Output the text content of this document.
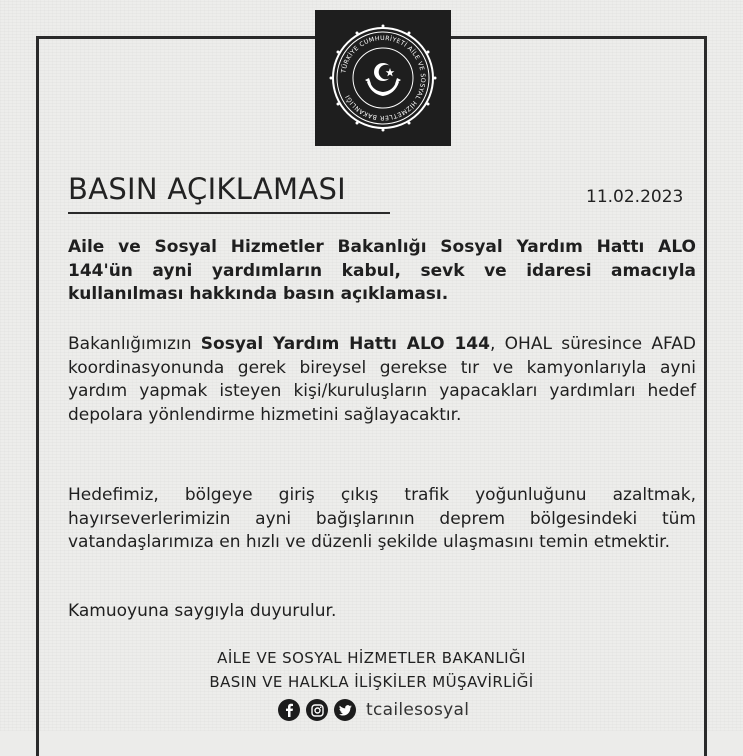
TÜRKİYE CUMHURİYETİ AİLE VE SOSYAL HİZMETLER BAKANLIĞI
BASIN AÇIKLAMASI	11.02.2023
Aile ve Sosyal Hizmetler Bakanlığı Sosyal Yardım Hattı ALO 144'ün ayni yardımların kabul, sevk ve idaresi amacıyla kullanılması hakkında basın açıklaması.
Bakanlığımızın Sosyal Yardım Hattı ALO 144, OHAL süresince AFAD koordinasyonunda gerek bireysel gerekse tır ve kamyonlarıyla ayni yardım yapmak isteyen kişi/kuruluşların yapacakları yardımları hedef depolara yönlendirme hizmetini sağlayacaktır.
Hedefimiz, bölgeye giriş çıkış trafik yoğunluğunu azaltmak, hayırseverlerimizin ayni bağışlarının deprem bölgesindeki tüm vatandaşlarımıza en hızlı ve düzenli şekilde ulaşmasını temin etmektir.
Kamuoyuna saygıyla duyurulur.
AİLE VE SOSYAL HİZMETLER BAKANLIĞI
BASIN VE HALKLA İLİŞKİLER MÜŞAVİRLİĞİ
tcailesosyal
